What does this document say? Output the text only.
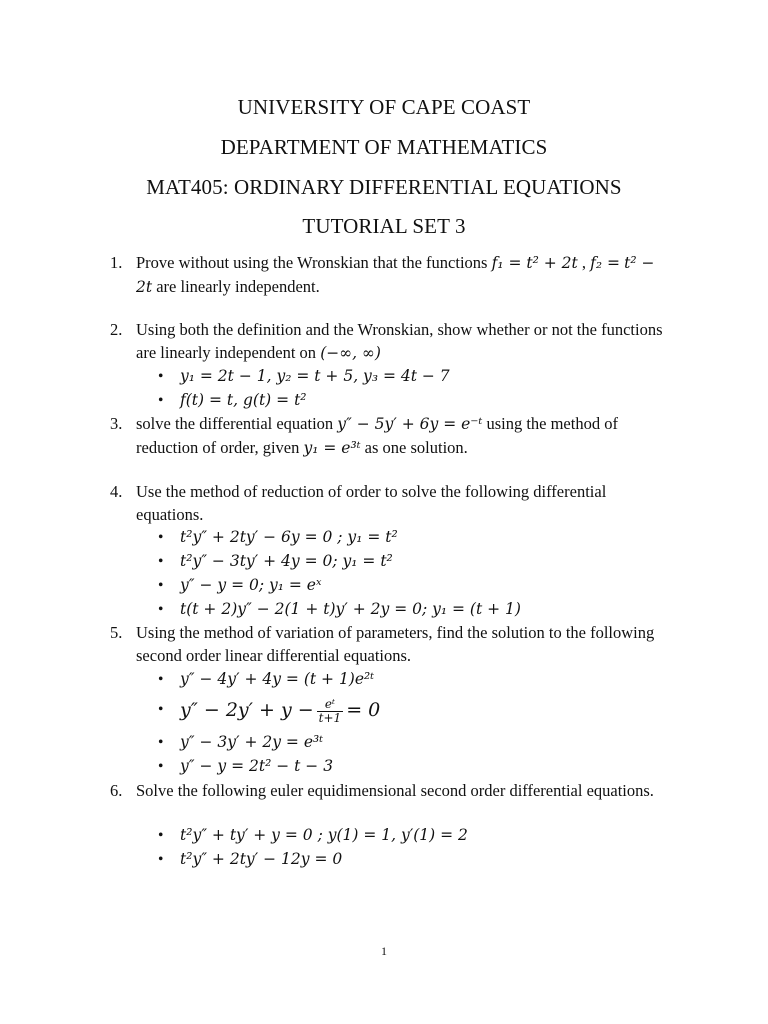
UNIVERSITY OF CAPE COAST
DEPARTMENT OF MATHEMATICS
MAT405: ORDINARY DIFFERENTIAL EQUATIONS
TUTORIAL SET 3
1. Prove without using the Wronskian that the functions f₁ = t² + 2t , f₂ = t² − 2t are linearly independent.
2. Using both the definition and the Wronskian, show whether or not the functions are linearly independent on (−∞, ∞)
• y₁ = 2t − 1, y₂ = t + 5, y₃ = 4t − 7
• f(t) = t, g(t) = t²
3. solve the differential equation y″ − 5y′ + 6y = e⁻ᵗ using the method of reduction of order, given y₁ = e³ᵗ as one solution.
4. Use the method of reduction of order to solve the following differential equations.
• t²y″ + 2ty′ − 6y = 0 ; y₁ = t²
• t²y″ − 3ty′ + 4y = 0; y₁ = t²
• y″ − y = 0; y₁ = eˣ
• t(t + 2)y″ − 2(1 + t)y′ + 2y = 0; y₁ = (t + 1)
5. Using the method of variation of parameters, find the solution to the following second order linear differential equations.
• y″ − 4y′ + 4y = (t + 1)e²ᵗ
• $y'' - 2y' + y - \frac{\text{eᵗ}}{t+1} = 0$
• y″ − 3y′ + 2y = e³ᵗ
• y″ − y = 2t² − t − 3
6. Solve the following euler equidimensional second order differential equations.
• t²y″ + ty′ + y = 0 ; y(1) = 1, y′(1) = 2
• t²y″ + 2ty′ − 12y = 0
1
